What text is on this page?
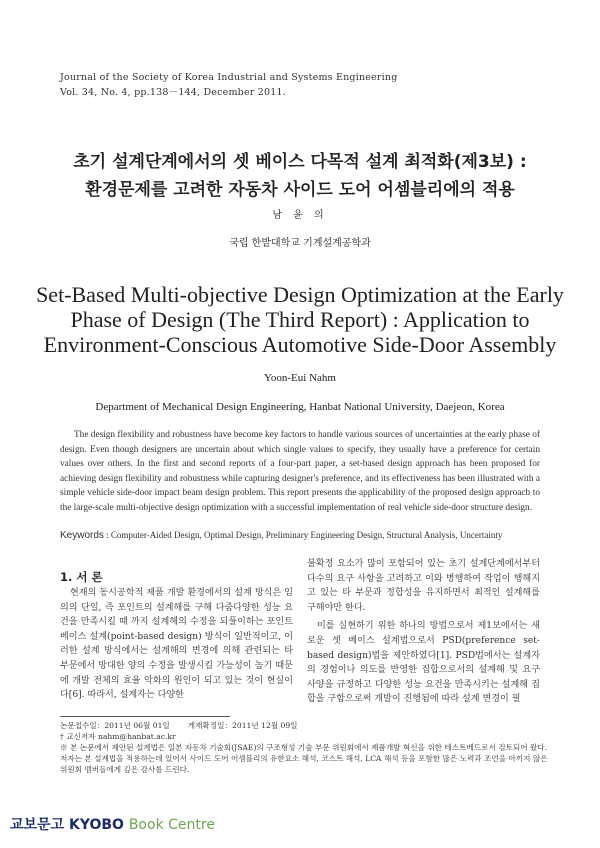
Journal of the Society of Korea Industrial and Systems Engineering
Vol. 34, No. 4, pp.138－144, December 2011.
초기 설계단계에서의 셋 베이스 다목적 설계 최적화(제3보) :
환경문제를 고려한 자동차 사이드 도어 어셈블리에의 적용
남 윤 의
국립 한밭대학교 기계설계공학과
Set-Based Multi-objective Design Optimization at the Early
Phase of Design (The Third Report) : Application to
Environment-Conscious Automotive Side-Door Assembly
Yoon-Eui Nahm
Department of Mechanical Design Engineering, Hanbat National University, Daejeon, Korea
The design flexibility and robustness have become key factors to handle various sources of uncertainties at the early phase of design. Even though designers are uncertain about which single values to specify, they usually have a preference for certain values over others. In the first and second reports of a four-part paper, a set-based design approach has been proposed for achieving design flexibility and robustness while capturing designer's preference, and its effectiveness has been illustrated with a simple vehicle side-door impact beam design problem. This report presents the applicability of the proposed design approach to the large-scale multi-objective design optimization with a successful implementation of real vehicle side-door structure design.
Keywords : Computer-Aided Design, Optimal Design, Preliminary Engineering Design, Structural Analysis, Uncertainty
1. 서 론

현재의 동시공학적 제품 개발 환경에서의 설계 방식은 임의의 단일, 즉 포인트의 설계해를 구해 다줌다양한 성능 요건을 만족시킬 때 까지 설계해의 수정을 되풀이하는 포인트 베이스 설계(point-based design) 방식이 일반적이고, 이러한 설계 방식에서는 설계해의 변경에 의해 관련되는 타 부문에서 방대한 양의 수정을 발생시킬 가능성이 높기 때문에 개발 전체의 효율 악화의 원인이 되고 있는 것이 현실이다[6]. 따라서, 설계자는 다양한

불확정 요소가 많이 포함되어 있는 초기 설계단계에서부터 다수의 요구 사항을 고려하고 이와 병행하여 작업이 행해지고 있는 타 부문과 정합성을 유지하면서 최적인 설계해를 구해야만 한다.

이를 실현하기 위한 하나의 방법으로서 제1보에서는 새로운 셋 베이스 설계법으로서 PSD(preference set-based design)법을 제안하였다[1]. PSD법에서는 설계자의 경험이나 의도를 반영한 집합으로서의 설계해 및 요구 사양을 규정하고 다양한 성능 요건을 만족시키는 설계해 집합을 구함으로써 개발이 진행됨에 따라 설계 변경이 필

논문접수일：2011년 06월 01일 게재확정일：2011년 12월 09일
† 교신저자 nahm@hanbat.ac.kr
※ 본 논문에서 제안된 설계법은 일본 자동차 기술회(JSAE)의 구조형성 기술 부문 위원회에서 제품개발 혁신을 위한 테스트베드로서 검토되어 왔다. 저자는 본 설계법을 적용하는데 있어서 사이드 도어 어셈블리의 유한요소 해석, 코스트 해석, LCA 해석 등을 포함한 많은 노력과 조언을 아끼지 않은 위원회 멤버들에게 깊은 감사를 드린다.
교보문고 KYOBO Book Centre
